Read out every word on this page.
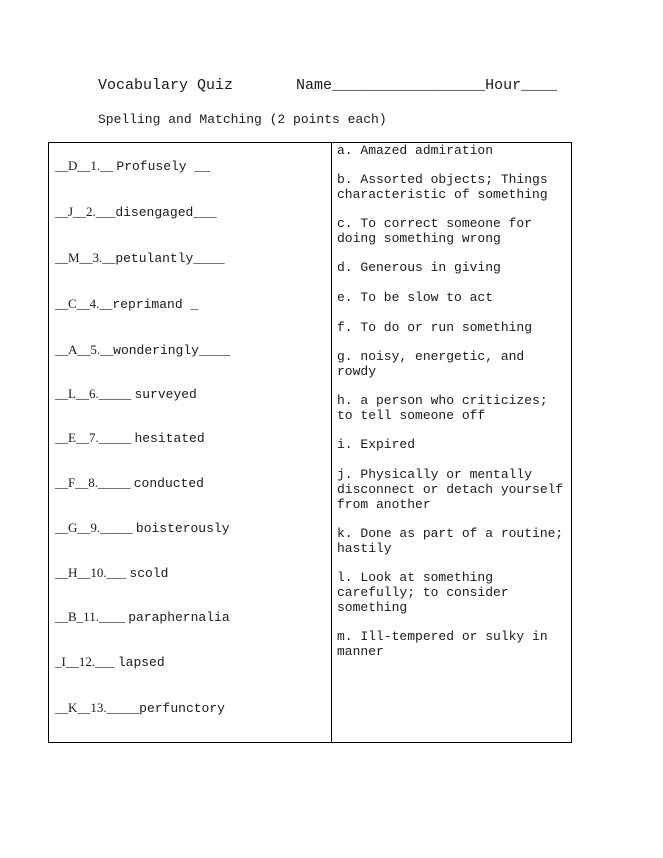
Vocabulary Quiz	Name_________________Hour____
Spelling and Matching (2 points each)
__D__1.__ Profusely __
__J__2.___disengaged___
__M__3.__petulantly____
__C__4.__reprimand _
__A__5.__wonderingly____
__L__6._____ surveyed
__E__7._____ hesitated
__F__8._____ conducted
__G__9._____ boisterously
__H__10.___ scold
__B_11.____ paraphernalia
_I__12.___ lapsed
__K__13._____perfunctory
a. Amazed admiration
b. Assorted objects; Things characteristic of something
c. To correct someone for doing something wrong
d. Generous in giving
e. To be slow to act
f. To do or run something
g. noisy, energetic, and rowdy
h. a person who criticizes; to tell someone off
i. Expired
j. Physically or mentally disconnect or detach yourself from another
k. Done as part of a routine; hastily
l. Look at something carefully; to consider something
m. Ill-tempered or sulky in manner
